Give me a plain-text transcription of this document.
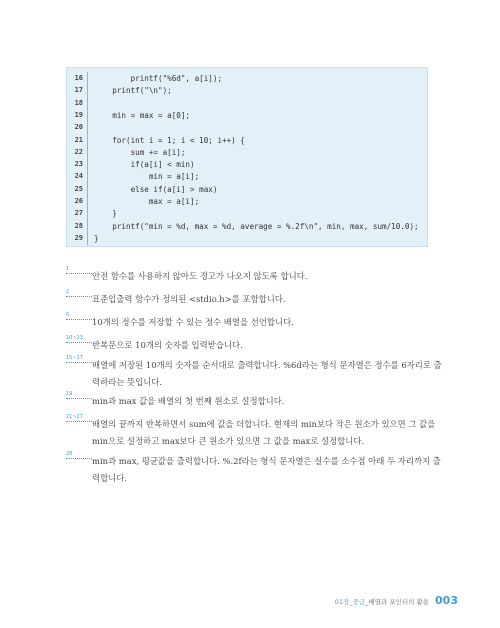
16	printf("%6d", a[i]);
17	printf("\n");
18
19	min = max = a[0];
20
21	for(int i = 1; i < 10; i++) {
22	sum += a[i];
23	if(a[i] < min)
24	min = a[i];
25	else if(a[i] > max)
26	max = a[i];
27	}
28	printf("min = %d, max = %d, average = %.2f\n", min, max, sum/10.0);
29	}
1
안전 함수를 사용하지 않아도 경고가 나오지 않도록 합니다.
2
표준입출력 함수가 정의된 <stdio.h>를 포함합니다.
6
10개의 정수를 저장할 수 있는 정수 배열을 선언합니다.
10~13
반복문으로 10개의 숫자를 입력받습니다.
15~17
배열에 저장된 10개의 숫자를 순서대로 출력합니다. %6d라는 형식 문자열은 정수를 6자리로 출력하라는 뜻입니다.
19
min과 max 값을 배열의 첫 번째 원소로 설정합니다.
21~27
배열의 끝까지 반복하면서 sum에 값을 더합니다. 현재의 min보다 작은 원소가 있으면 그 값을 min으로 설정하고 max보다 큰 원소가 있으면 그 값을 max로 설정합니다.
28
min과 max, 평균값을 출력합니다. %.2f라는 형식 문자열은 실수를 소수점 아래 두 자리까지 출력합니다.
01장_중급_배열과 포인터의 활용 003
